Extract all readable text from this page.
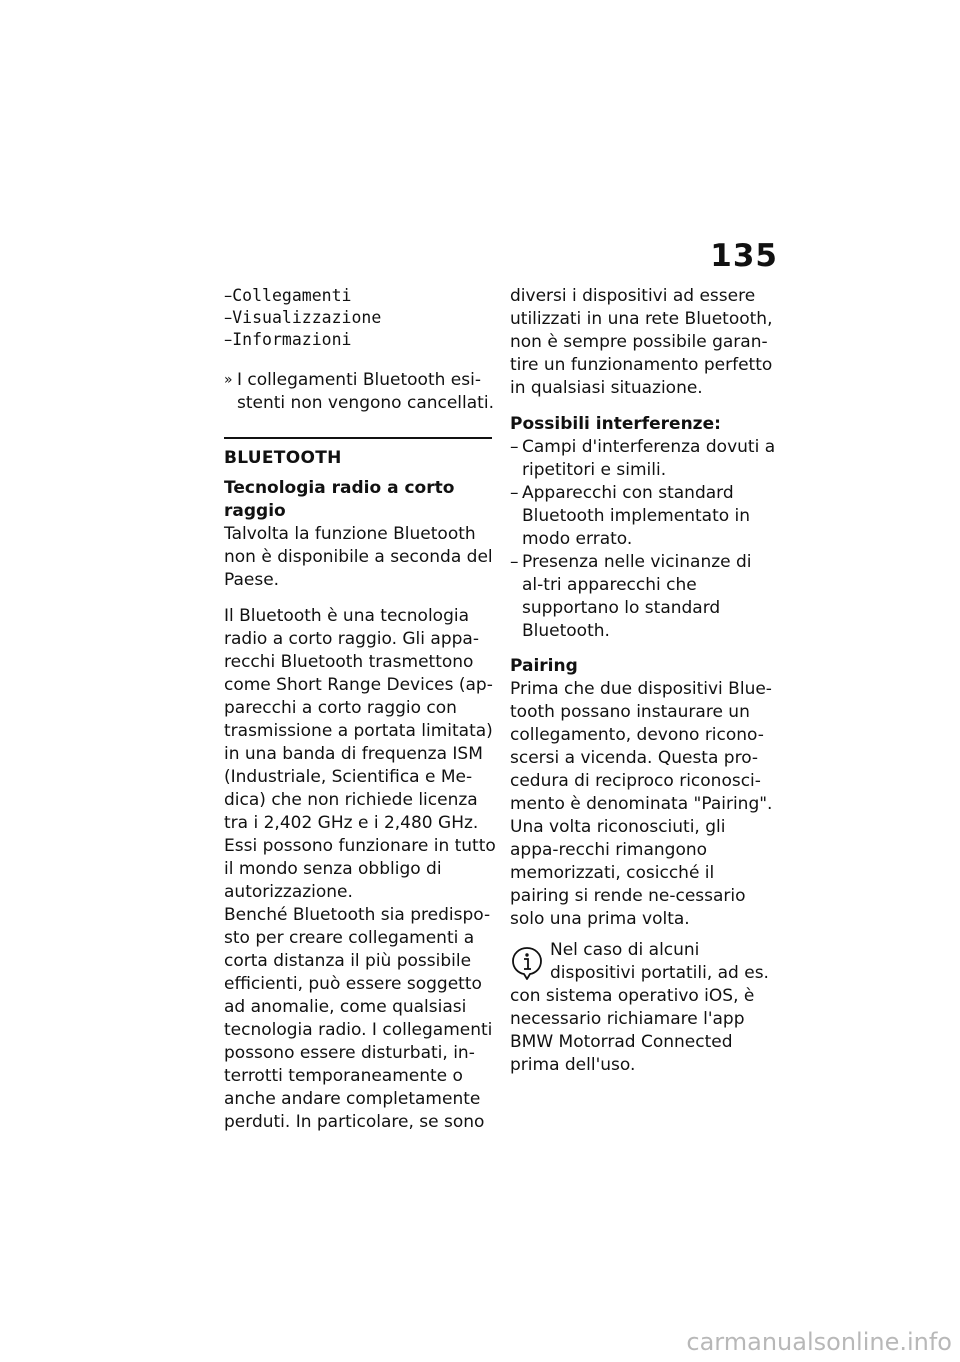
135
–Collegamenti
–Visualizzazione
–Informazioni
» I collegamenti Bluetooth esi-stenti non vengono cancellati.
BLUETOOTH
Tecnologia radio a corto raggio

Talvolta la funzione Bluetooth non è disponibile a seconda del Paese.

Il Bluetooth è una tecnologia radio a corto raggio. Gli appa-recchi Bluetooth trasmettono come Short Range Devices (ap-parecchi a corto raggio con trasmissione a portata limitata) in una banda di frequenza ISM (Industriale, Scientifica e Me-dica) che non richiede licenza tra i 2,402 GHz e i 2,480 GHz. Essi possono funzionare in tutto il mondo senza obbligo di autorizzazione.

Benché Bluetooth sia predispo-sto per creare collegamenti a corta distanza il più possibile efficienti, può essere soggetto ad anomalie, come qualsiasi tecnologia radio. I collegamenti possono essere disturbati, in-terrotti temporaneamente o anche andare completamente perduti. In particolare, se sono

diversi i dispositivi ad essere utilizzati in una rete Bluetooth, non è sempre possibile garan-tire un funzionamento perfetto in qualsiasi situazione.

Possibili interferenze:
– Campi d'interferenza dovuti a ripetitori e simili.
– Apparecchi con standard Bluetooth implementato in modo errato.
– Presenza nelle vicinanze di al-tri apparecchi che supportano lo standard Bluetooth.
Pairing

Prima che due dispositivi Blue-tooth possano instaurare un collegamento, devono ricono-scersi a vicenda. Questa pro-cedura di reciproco riconosci-mento è denominata "Pairing". Una volta riconosciuti, gli appa-recchi rimangono memorizzati, cosicché il pairing si rende ne-cessario solo una prima volta.

Nel caso di alcuni dispositivi portatili, ad es. con sistema operativo iOS, è necessario richiamare l'app BMW Motorrad Connected prima dell'uso.
carmanualsonline.info
